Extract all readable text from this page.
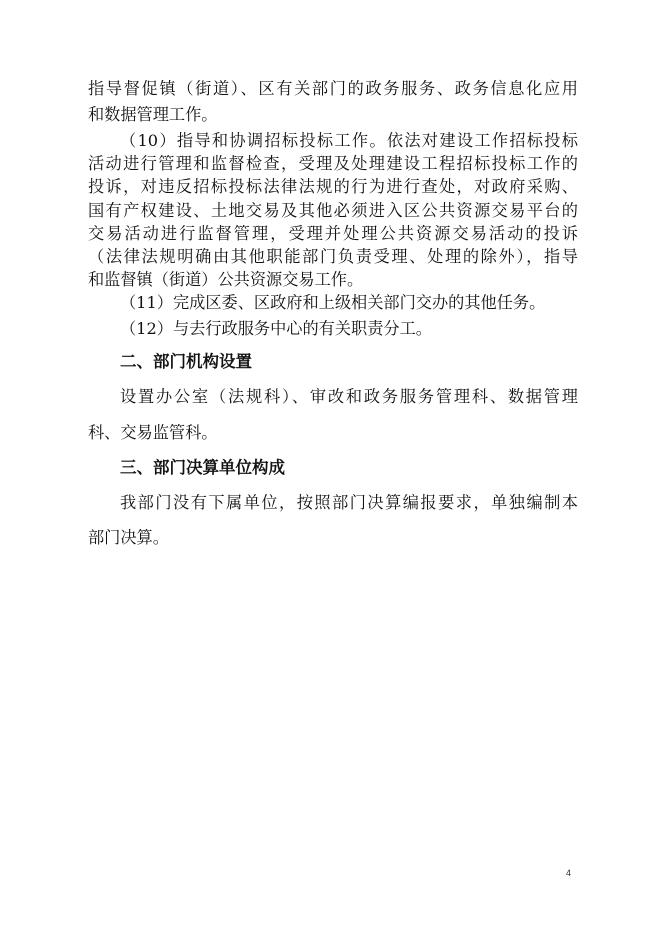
指导督促镇（街道）、区有关部门的政务服务、政务信息化应用
和数据管理工作。
（10）指导和协调招标投标工作。依法对建设工作招标投标
活动进行管理和监督检查，受理及处理建设工程招标投标工作的
投诉，对违反招标投标法律法规的行为进行查处，对政府采购、
国有产权建设、土地交易及其他必须进入区公共资源交易平台的
交易活动进行监督管理，受理并处理公共资源交易活动的投诉
（法律法规明确由其他职能部门负责受理、处理的除外），指导
和监督镇（街道）公共资源交易工作。
（11）完成区委、区政府和上级相关部门交办的其他任务。
（12）与去行政服务中心的有关职责分工。
二、部门机构设置
设置办公室（法规科）、审改和政务服务管理科、数据管理
科、交易监管科。
三、部门决算单位构成
我部门没有下属单位，按照部门决算编报要求，单独编制本
部门决算。
4
